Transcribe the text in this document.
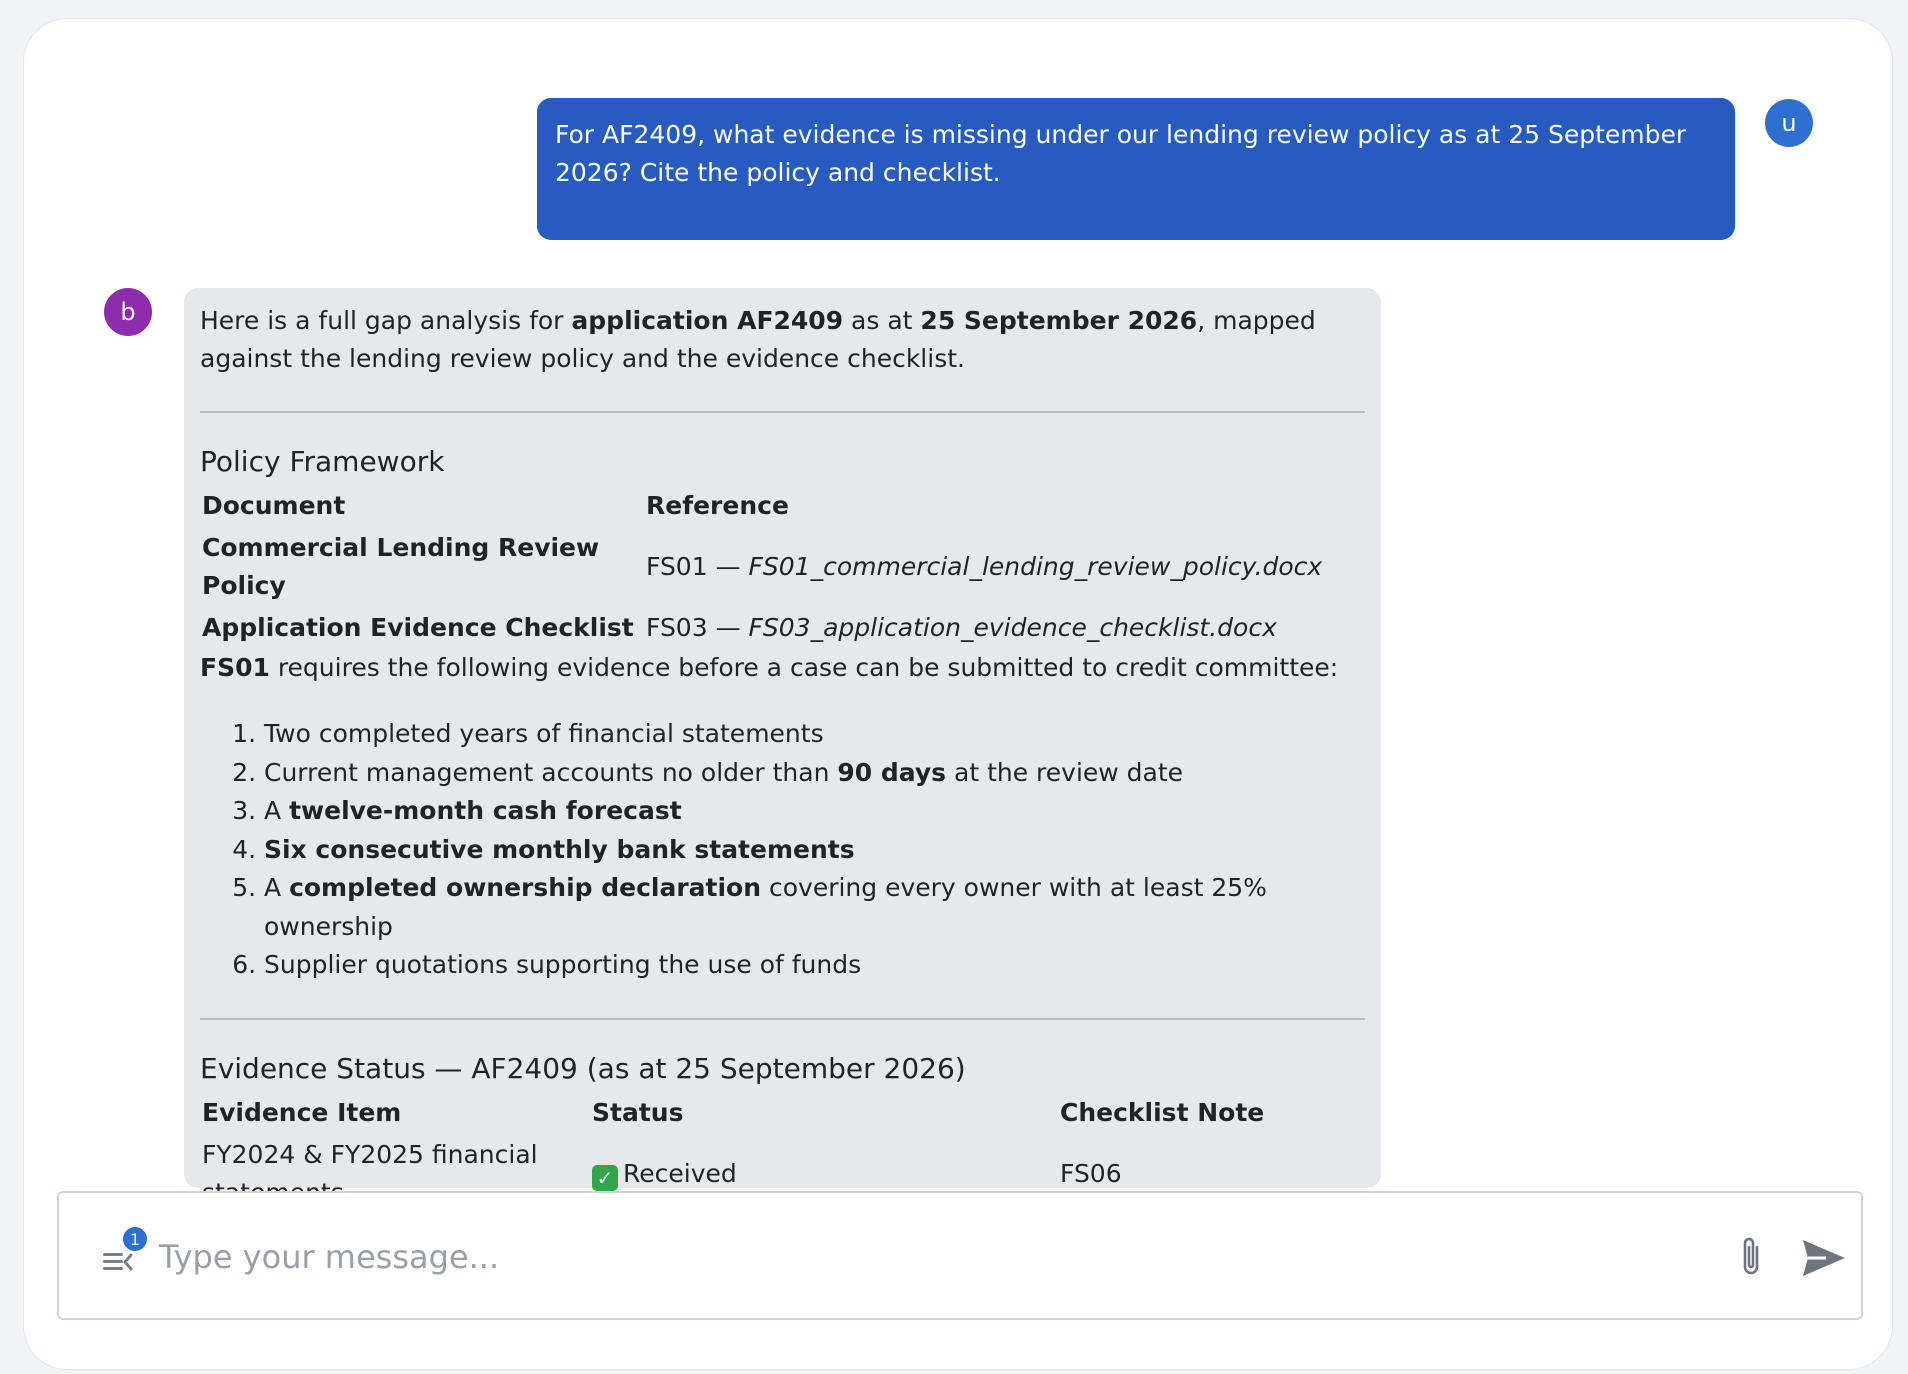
u
For AF2409, what evidence is missing under our lending review policy as at 25 September 2026? Cite the policy and checklist.
b	Here is a full gap analysis for application AF2409 as at 25 September 2026, mapped against the lending review policy and the evidence checklist.

Policy Framework
Document	Reference
Commercial Lending Review Policy	FS01 — FS01_commercial_lending_review_policy.docx
Application Evidence Checklist	FS03 — FS03_application_evidence_checklist.docx

FS01 requires the following evidence before a case can be submitted to credit committee:

1. Two completed years of financial statements
2. Current management accounts no older than 90 days at the review date
3. A twelve-month cash forecast
4. Six consecutive monthly bank statements
5. A completed ownership declaration covering every owner with at least 25% ownership
6. Supplier quotations supporting the use of funds
Evidence Status — AF2409 (as at 25 September 2026)
Evidence Item	Status	Checklist Note
FY2024 & FY2025 financial	✓ Received	FS06

1
Type your message...
